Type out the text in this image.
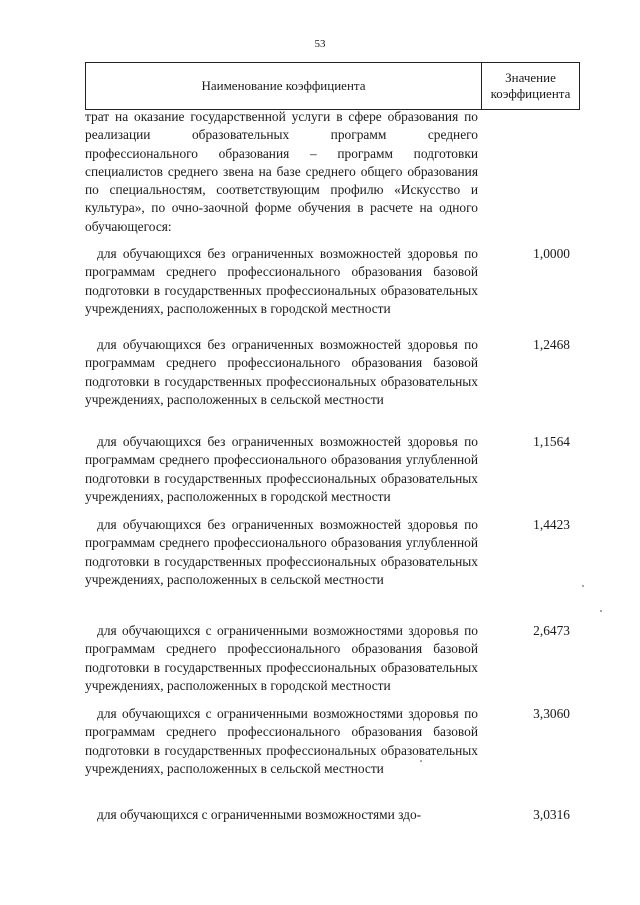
53
Наименование коэффициента
Значение коэффициента
трат на оказание государственной услуги в сфере образования по реализации образовательных программ среднего профессионального образования – программ подготовки специалистов среднего звена на базе среднего общего образования по специальностям, соответствующим профилю «Искусство и культура», по очно-заочной форме обучения в расчете на одного обучающегося:
для обучающихся без ограниченных возможностей здоровья по программам среднего профессионального образования базовой подготовки в государственных профессиональных образовательных учреждениях, расположенных в городской местности
1,0000
для обучающихся без ограниченных возможностей здоровья по программам среднего профессионального образования базовой подготовки в государственных профессиональных образовательных учреждениях, расположенных в сельской местности
1,2468
для обучающихся без ограниченных возможностей здоровья по программам среднего профессионального образования углубленной подготовки в государственных профессиональных образовательных учреждениях, расположенных в городской местности
1,1564
для обучающихся без ограниченных возможностей здоровья по программам среднего профессионального образования углубленной подготовки в государственных профессиональных образовательных учреждениях, расположенных в сельской местности
1,4423
для обучающихся с ограниченными возможностями здоровья по программам среднего профессионального образования базовой подготовки в государственных профессиональных образовательных учреждениях, расположенных в городской местности
2,6473
для обучающихся с ограниченными возможностями здоровья по программам среднего профессионального образования базовой подготовки в государственных профессиональных образовательных учреждениях, расположенных в сельской местности
3,3060
для обучающихся с ограниченными возможностями здо-	3,0316
